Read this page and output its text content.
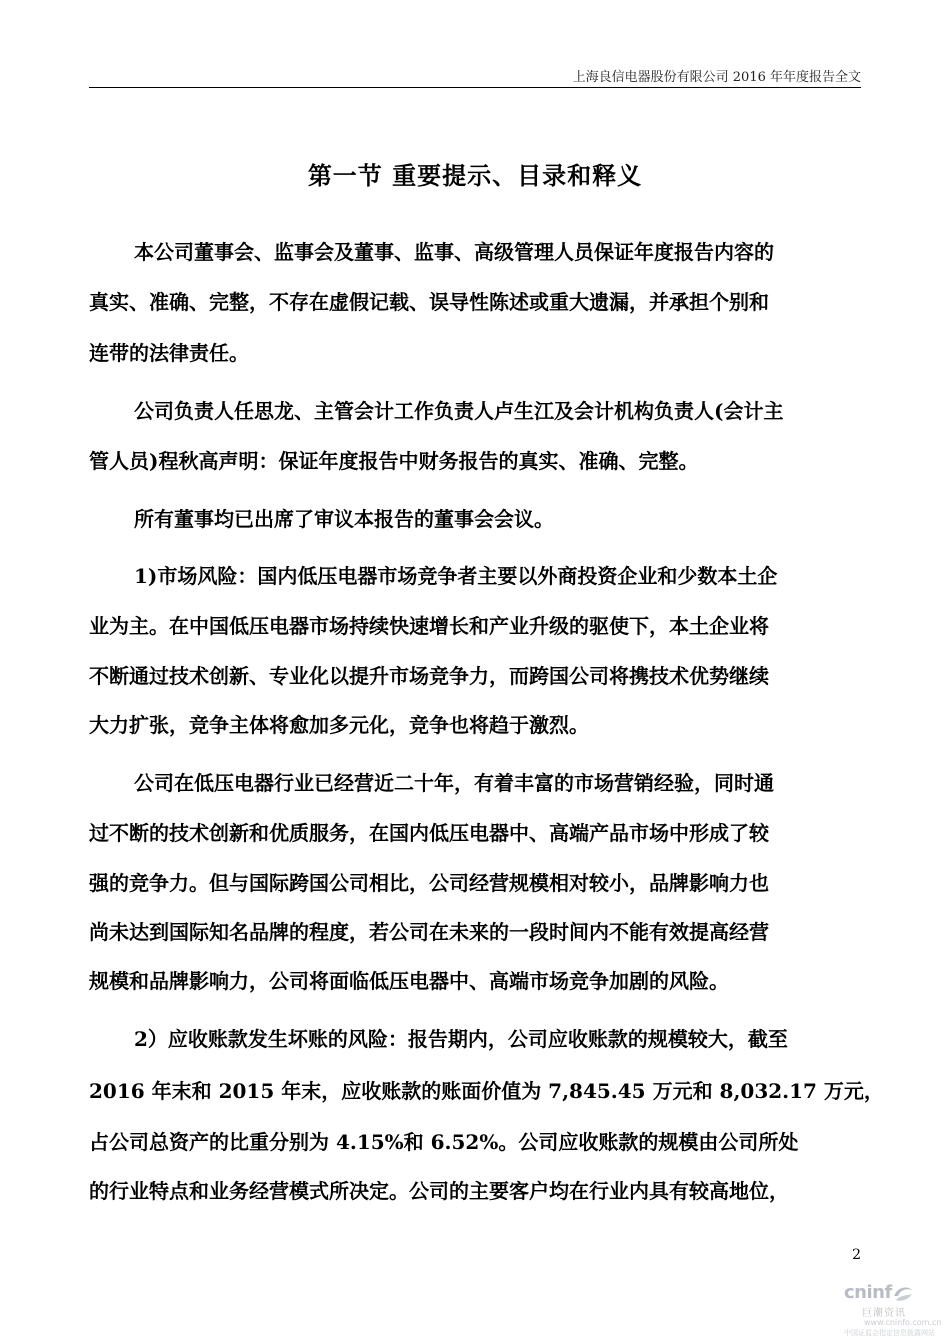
上海良信电器股份有限公司 2016 年年度报告全文
第一节 重要提示、目录和释义
本公司董事会、监事会及董事、监事、高级管理人员保证年度报告内容的
真实、准确、完整，不存在虚假记载、误导性陈述或重大遗漏，并承担个别和
连带的法律责任。
公司负责人任思龙、主管会计工作负责人卢生江及会计机构负责人(会计主
管人员)程秋高声明：保证年度报告中财务报告的真实、准确、完整。
所有董事均已出席了审议本报告的董事会会议。
1)市场风险：国内低压电器市场竞争者主要以外商投资企业和少数本土企
业为主。在中国低压电器市场持续快速增长和产业升级的驱使下，本土企业将
不断通过技术创新、专业化以提升市场竞争力，而跨国公司将携技术优势继续
大力扩张，竞争主体将愈加多元化，竞争也将趋于激烈。
公司在低压电器行业已经营近二十年，有着丰富的市场营销经验，同时通
过不断的技术创新和优质服务，在国内低压电器中、高端产品市场中形成了较
强的竞争力。但与国际跨国公司相比，公司经营规模相对较小，品牌影响力也
尚未达到国际知名品牌的程度，若公司在未来的一段时间内不能有效提高经营
规模和品牌影响力，公司将面临低压电器中、高端市场竞争加剧的风险。
2）应收账款发生坏账的风险：报告期内，公司应收账款的规模较大，截至
2016 年末和 2015 年末，应收账款的账面价值为 7,845.45 万元和 8,032.17 万元，
占公司总资产的比重分别为 4.15%和 6.52%。公司应收账款的规模由公司所处
的行业特点和业务经营模式所决定。公司的主要客户均在行业内具有较高地位，
2
cninf
巨潮资讯
www.cninfo.com.cn
中国证监会指定信息披露网站
